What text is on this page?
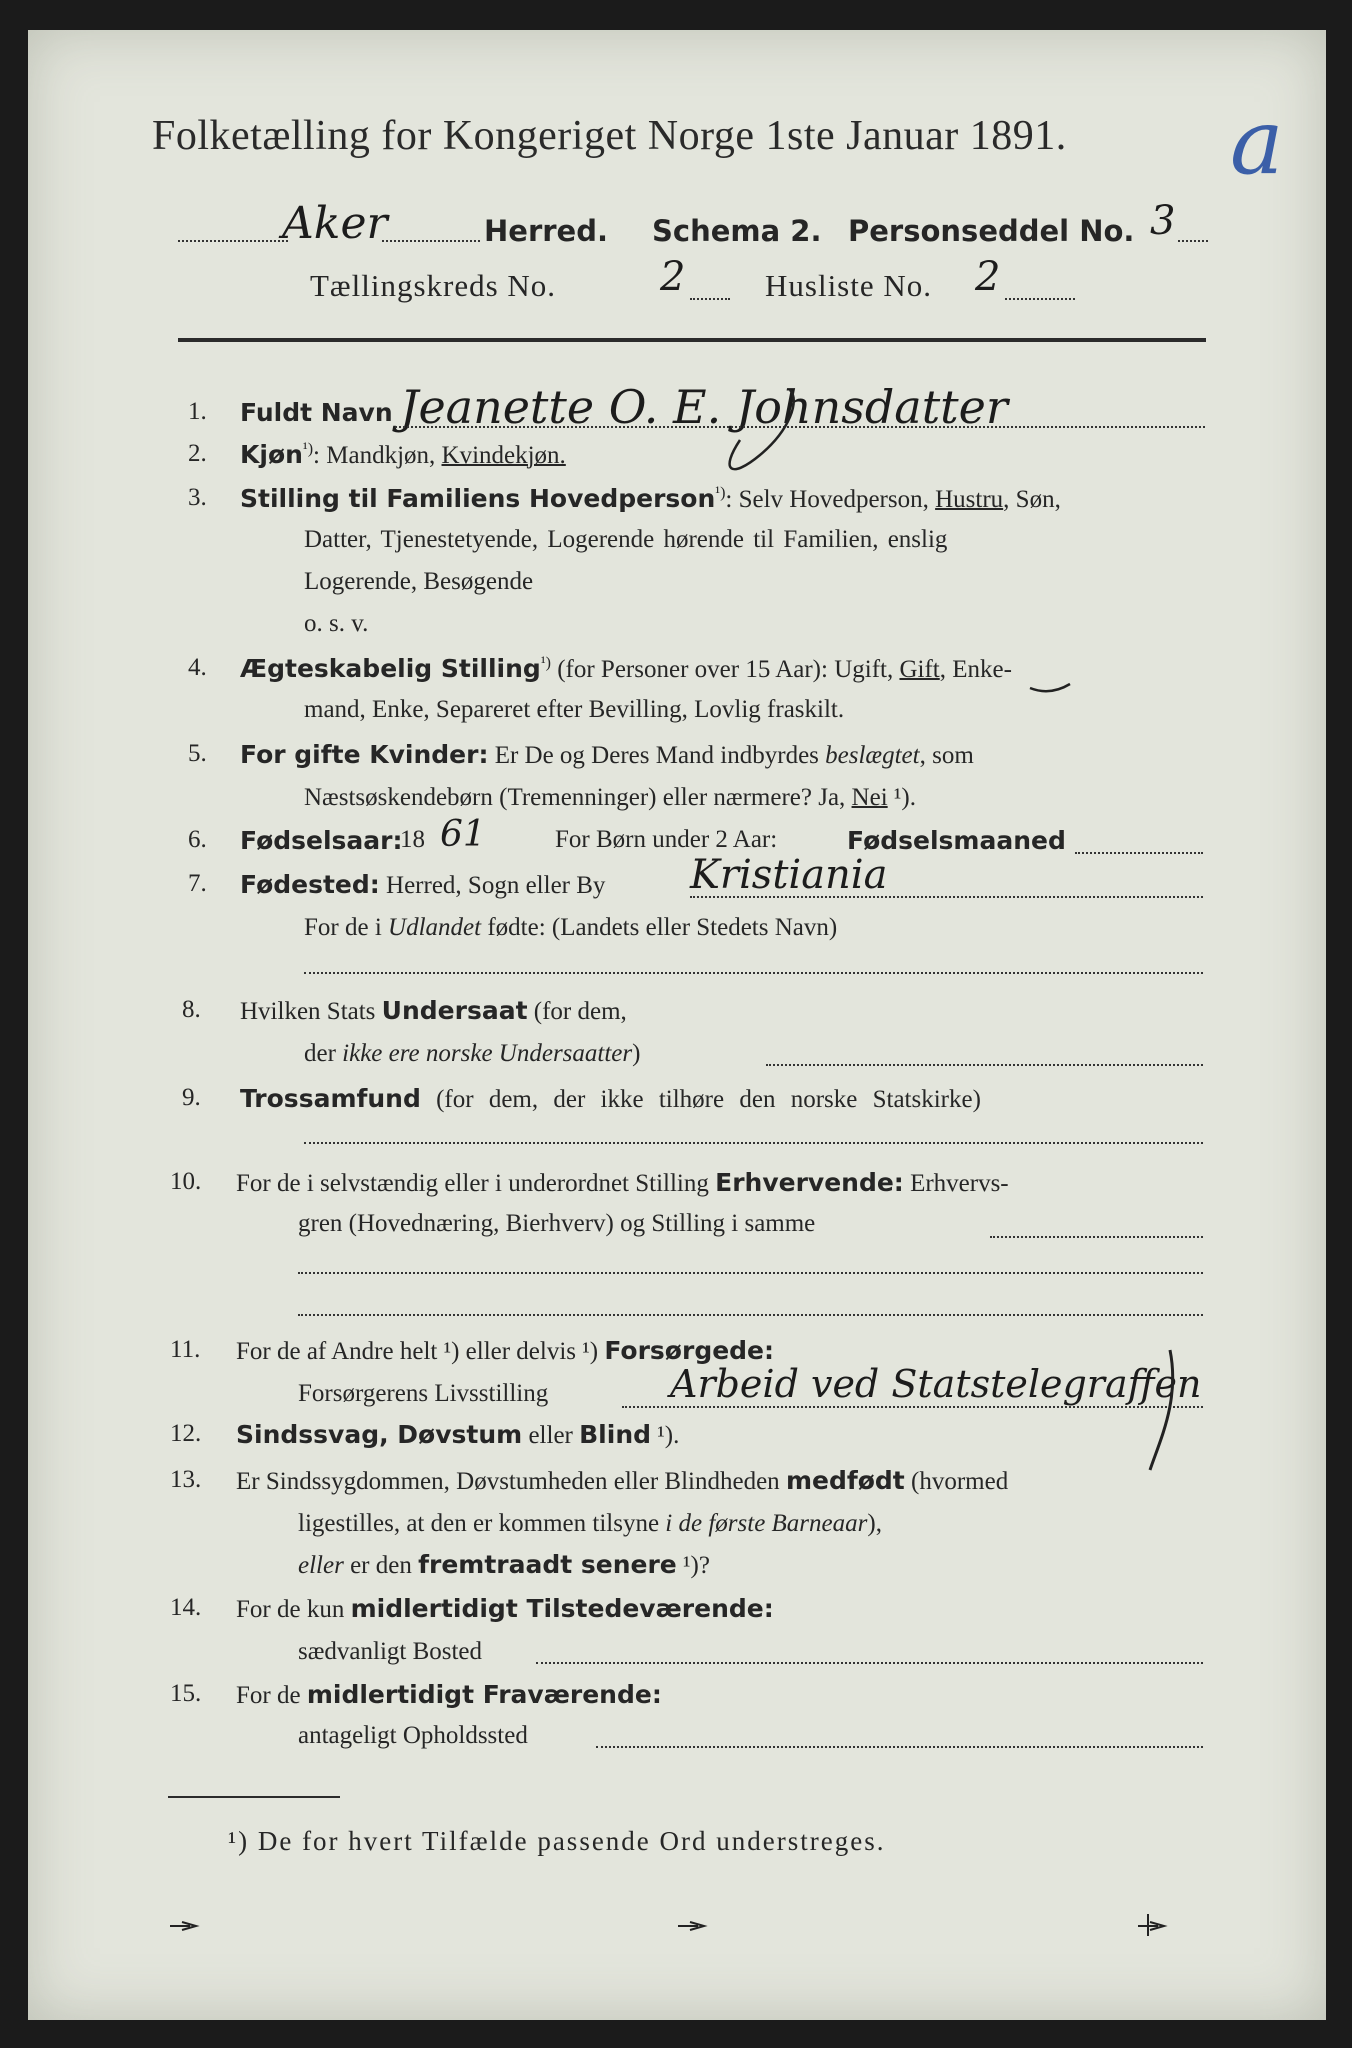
Folketælling for Kongeriget Norge 1ste Januar 1891. a
Aker	Herred. Schema 2. Personseddel No. 3
Tællingskreds No.	2	Husliste No. 2
1. Fuldt Navn Jeanette O. E. Johnsdatter
2. Kjøn$^{^1)}$: Mandkjøn, Kvindekjøn.
3. Stilling til Familiens Hovedperson$^{^1)}$: Selv Hovedperson, Hustru, Søn,
Datter, Tjenestetyende, Logerende hørende til Familien, enslig
Logerende, Besøgende
o. s. v.
4. Ægteskabelig Stilling$^{^1)}$ (for Personer over 15 Aar): Ugift, Gift, Enke-
mand, Enke, Separeret efter Bevilling, Lovlig fraskilt.
5. For gifte Kvinder: Er De og Deres Mand indbyrdes beslægtet, som
Næstsøskendebørn (Tremenninger) eller nærmere? Ja, Nei ¹).
6. Fødselsaar:
18 61	For Børn under 2 Aar:	Fødselsmaaned
7. Fødested: Herred, Sogn eller By Kristiania
For de i Udlandet fødte: (Landets eller Stedets Navn)
8. Hvilken Stats Undersaat (for dem,
der ikke ere norske Undersaatter)
9. Trossamfund (for dem, der ikke tilhøre den norske Statskirke)
10. For de i selvstændig eller i underordnet Stilling Erhvervende: Erhvervs-
gren (Hovednæring, Bierhverv) og Stilling i samme
11. For de af Andre helt ¹) eller delvis ¹) Forsørgede:
Forsørgerens Livsstilling	Arbeid ved Statstelegraffen
12. Sindssvag, Døvstum eller Blind ¹).
13. Er Sindssygdommen, Døvstumheden eller Blindheden medfødt (hvormed
ligestilles, at den er kommen tilsyne i de første Barneaar),
eller er den fremtraadt senere ¹)?
14. For de kun midlertidigt Tilstedeværende:
sædvanligt Bosted
15. For de midlertidigt Fraværende:
antageligt Opholdssted
¹) De for hvert Tilfælde passende Ord understreges.
